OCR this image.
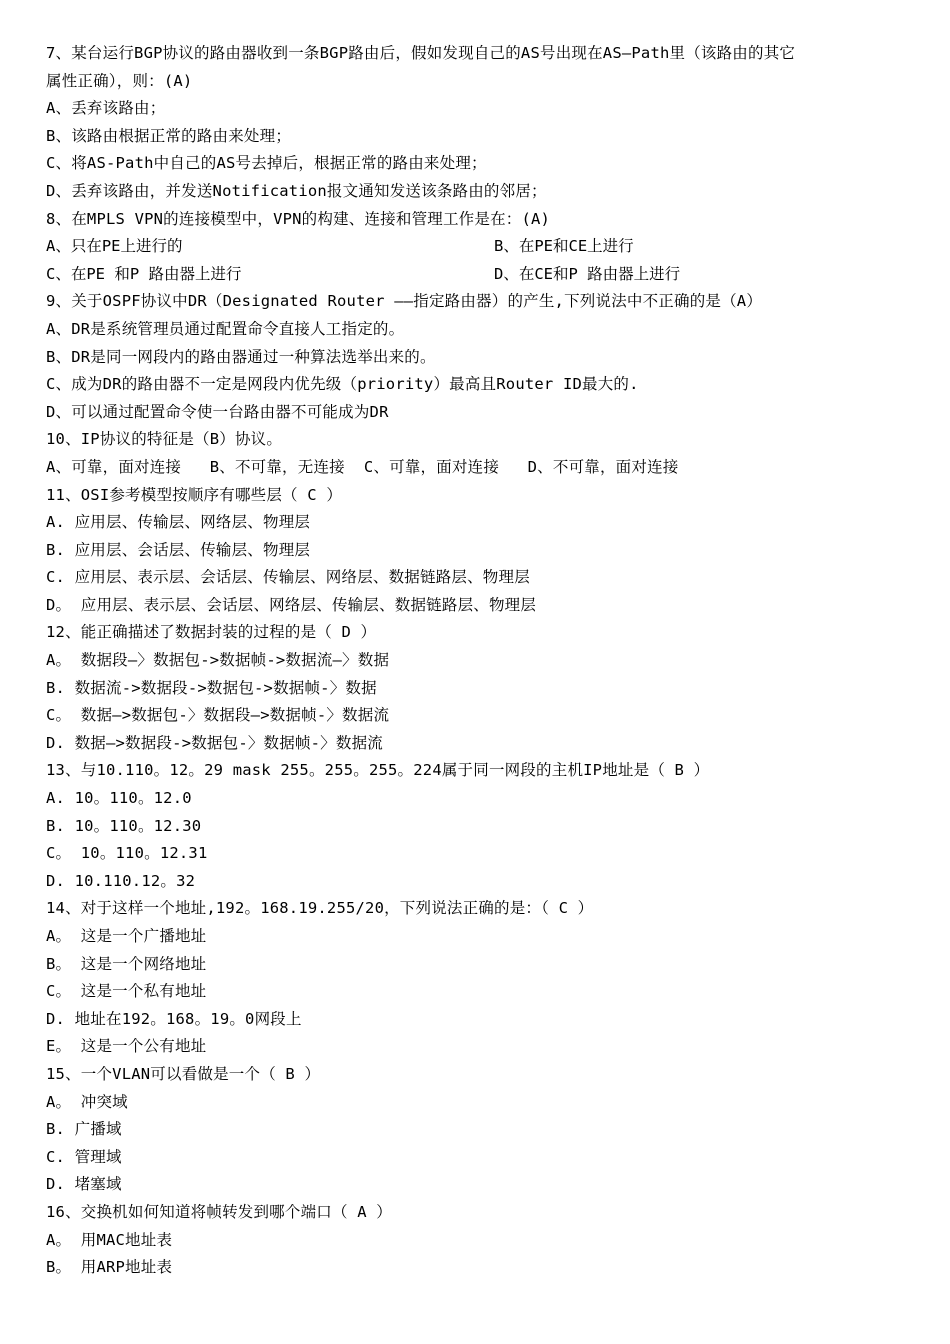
7、某台运行BGP协议的路由器收到一条BGP路由后，假如发现自己的AS号出现在AS—Path里（该路由的其它
属性正确），则：(A)
A、丢弃该路由；
B、该路由根据正常的路由来处理；
C、将AS-Path中自己的AS号去掉后，根据正常的路由来处理；
D、丢弃该路由，并发送Notification报文通知发送该条路由的邻居；
8、在MPLS VPN的连接模型中，VPN的构建、连接和管理工作是在：(A)
A、只在PE上进行的	B、在PE和CE上进行
C、在PE 和P 路由器上进行	D、在CE和P 路由器上进行
9、关于OSPF协议中DR（Designated Router ——指定路由器）的产生,下列说法中不正确的是（A）
A、DR是系统管理员通过配置命令直接人工指定的。
B、DR是同一网段内的路由器通过一种算法选举出来的。
C、成为DR的路由器不一定是网段内优先级（priority）最高且Router ID最大的.
D、可以通过配置命令使一台路由器不可能成为DR
10、IP协议的特征是（B）协议。
A、可靠，面对连接   B、不可靠，无连接  C、可靠，面对连接   D、不可靠，面对连接
11、OSI参考模型按顺序有哪些层（ C ）
A. 应用层、传输层、网络层、物理层
B. 应用层、会话层、传输层、物理层
C. 应用层、表示层、会话层、传输层、网络层、数据链路层、物理层
D。 应用层、表示层、会话层、网络层、传输层、数据链路层、物理层
12、能正确描述了数据封装的过程的是（ D ）
A。 数据段—〉数据包->数据帧->数据流—〉数据
B. 数据流->数据段->数据包->数据帧-〉数据
C。 数据—>数据包-〉数据段—>数据帧-〉数据流
D. 数据—>数据段->数据包-〉数据帧-〉数据流
13、与10.110。12。29 mask 255。255。255。224属于同一网段的主机IP地址是（ B ）
A. 10。110。12.0
B. 10。110。12.30
C。 10。110。12.31
D. 10.110.12。32
14、对于这样一个地址,192。168.19.255/20，下列说法正确的是：（ C ）
A。 这是一个广播地址
B。 这是一个网络地址
C。 这是一个私有地址
D. 地址在192。168。19。0网段上
E。 这是一个公有地址
15、一个VLAN可以看做是一个（ B ）
A。 冲突域
B. 广播域
C. 管理域
D. 堵塞域
16、交换机如何知道将帧转发到哪个端口（ A ）
A。 用MAC地址表
B。 用ARP地址表
